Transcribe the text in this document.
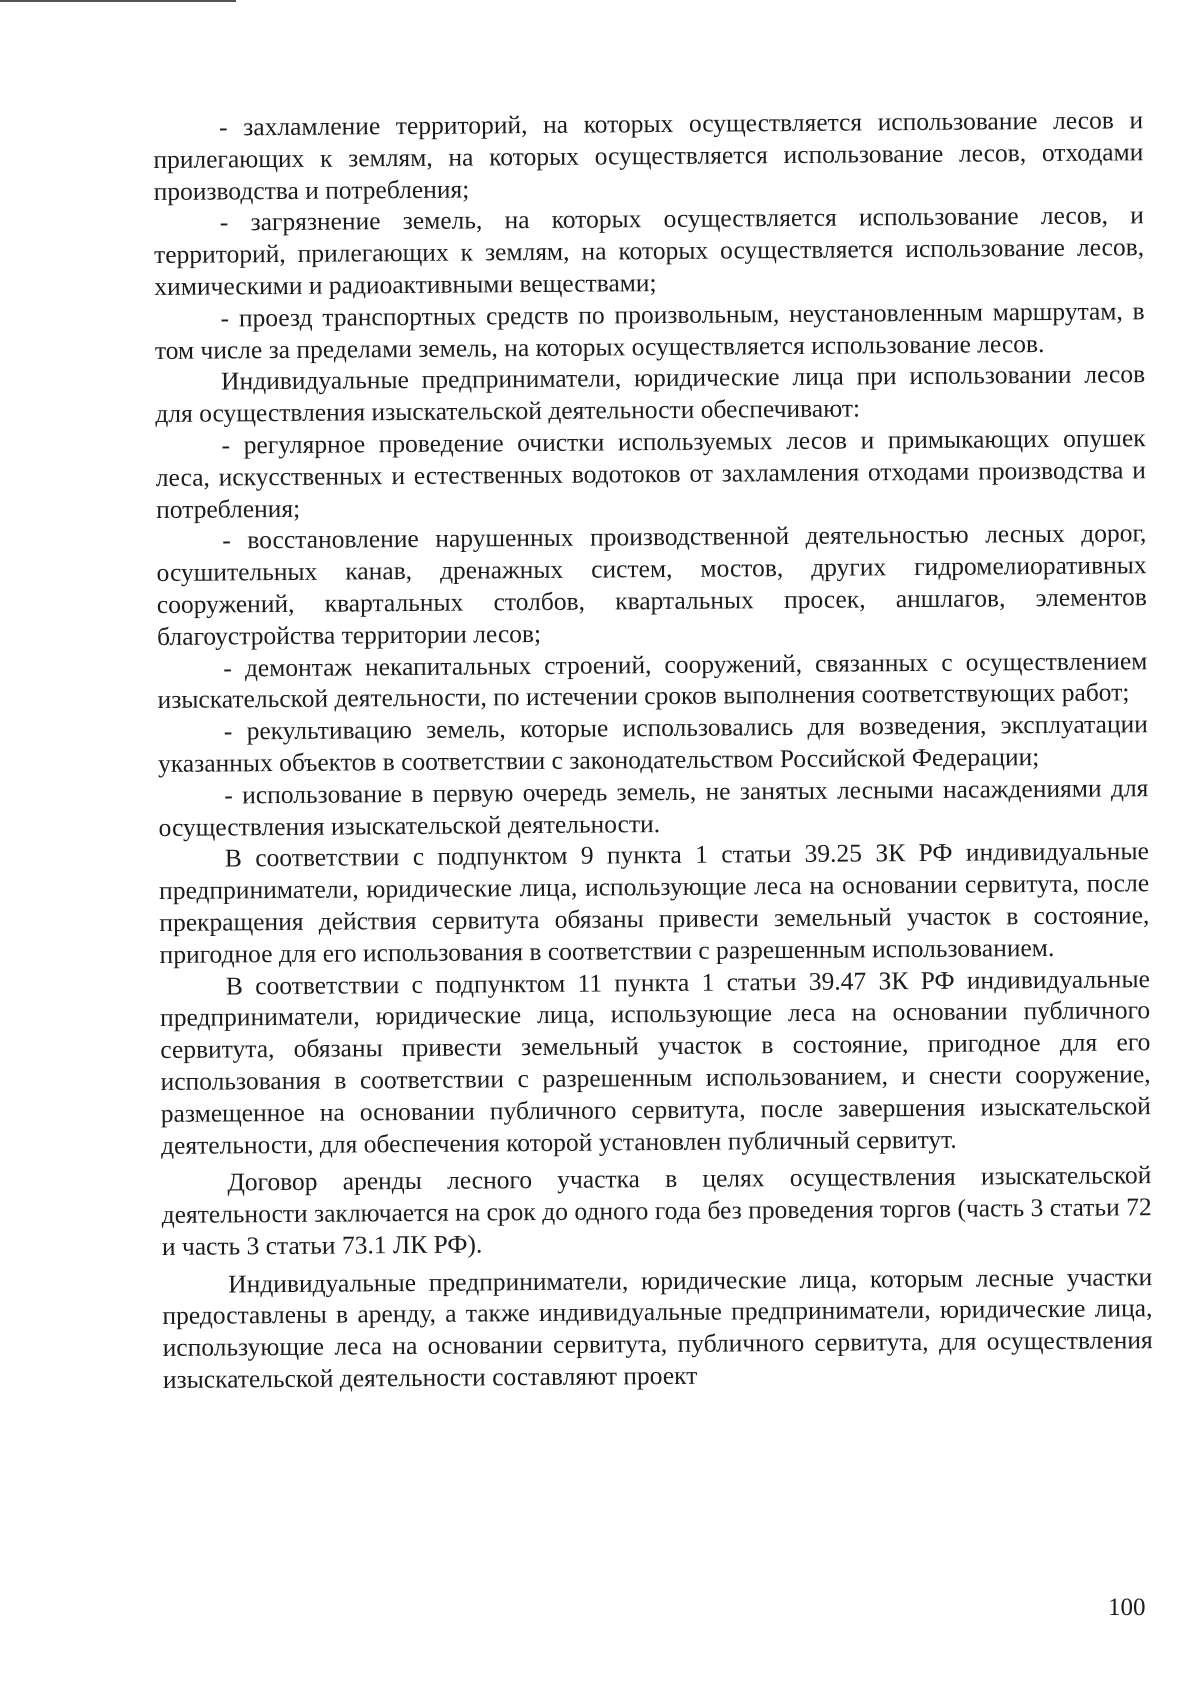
- захламление территорий, на которых осуществляется использование лесов и прилегающих к землям, на которых осуществляется использование лесов, отходами производства и потребления;

- загрязнение земель, на которых осуществляется использование лесов, и территорий, прилегающих к землям, на которых осуществляется использование лесов, химическими и радиоактивными веществами;

- проезд транспортных средств по произвольным, неустановленным маршрутам, в том числе за пределами земель, на которых осуществляется использование лесов.

Индивидуальные предприниматели, юридические лица при использовании лесов для осуществления изыскательской деятельности обеспечивают:

- регулярное проведение очистки используемых лесов и примыкающих опушек леса, искусственных и естественных водотоков от захламления отходами производства и потребления;

- восстановление нарушенных производственной деятельностью лесных дорог, осушительных канав, дренажных систем, мостов, других гидромелиоративных сооружений, квартальных столбов, квартальных просек, аншлагов, элементов благоустройства территории лесов;

- демонтаж некапитальных строений, сооружений, связанных с осуществлением изыскательской деятельности, по истечении сроков выполнения соответствующих работ;

- рекультивацию земель, которые использовались для возведения, эксплуатации указанных объектов в соответствии с законодательством Российской Федерации;

- использование в первую очередь земель, не занятых лесными насаждениями для осуществления изыскательской деятельности.

В соответствии с подпунктом 9 пункта 1 статьи 39.25 ЗК РФ индивидуальные предприниматели, юридические лица, использующие леса на основании сервитута, после прекращения действия сервитута обязаны привести земельный участок в состояние, пригодное для его использования в соответствии с разрешенным использованием.

В соответствии с подпунктом 11 пункта 1 статьи 39.47 ЗК РФ индивидуальные предприниматели, юридические лица, использующие леса на основании публичного сервитута, обязаны привести земельный участок в состояние, пригодное для его использования в соответствии с разрешенным использованием, и снести сооружение, размещенное на основании публичного сервитута, после завершения изыскательской деятельности, для обеспечения которой установлен публичный сервитут.

Договор аренды лесного участка в целях осуществления изыскательской деятельности заключается на срок до одного года без проведения торгов (часть 3 статьи 72 и часть 3 статьи 73.1 ЛК РФ).

Индивидуальные предприниматели, юридические лица, которым лесные участки предоставлены в аренду, а также индивидуальные предприниматели, юридические лица, использующие леса на основании сервитута, публичного сервитута, для осуществления изыскательской деятельности составляют проект

100
